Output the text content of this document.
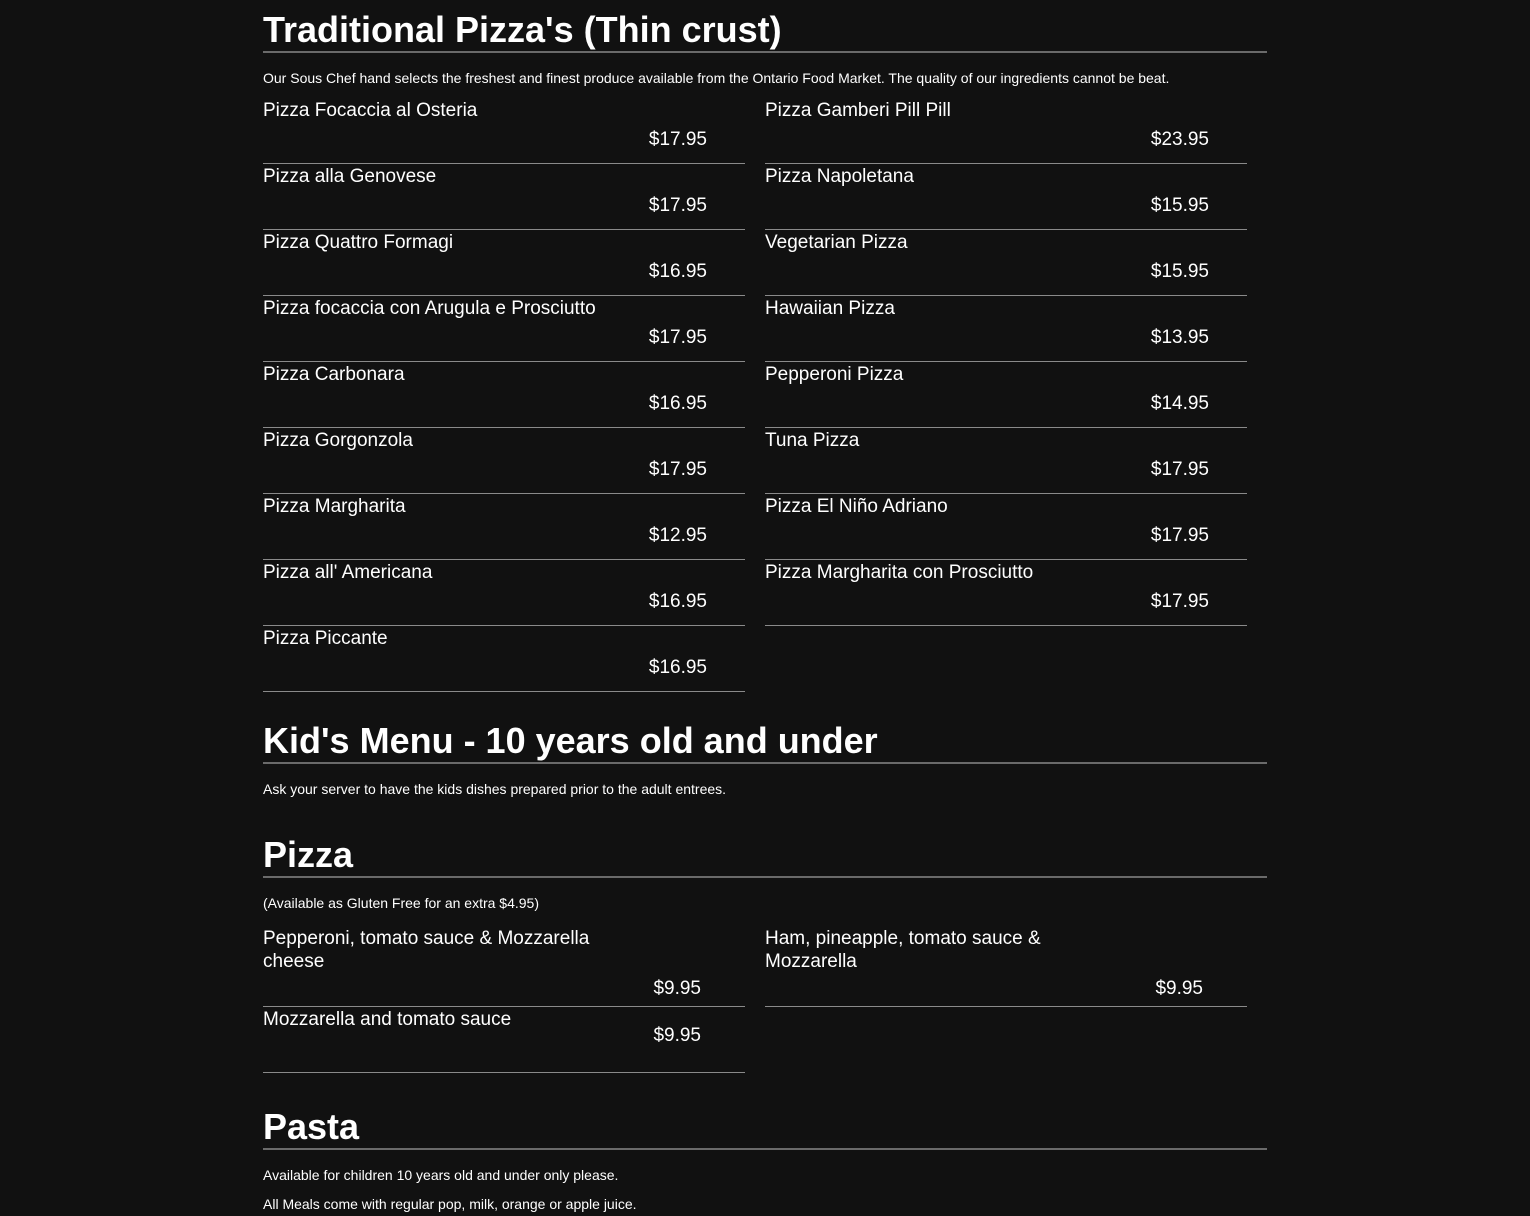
Traditional Pizza's (Thin crust)

Our Sous Chef hand selects the freshest and finest produce available from the Ontario Food Market. The quality of our ingredients cannot be beat.

Pizza Focaccia al Osteria
$17.95
Pizza Gamberi Pill Pill
$23.95
Pizza alla Genovese
$17.95
Pizza Napoletana
$15.95
Pizza Quattro Formagi
$16.95
Vegetarian Pizza
$15.95
Pizza focaccia con Arugula e Prosciutto
$17.95
Hawaiian Pizza
$13.95
Pizza Carbonara
$16.95
Pepperoni Pizza
$14.95
Pizza Gorgonzola
$17.95
Tuna Pizza
$17.95
Pizza Margharita
$12.95
Pizza El Niño Adriano
$17.95
Pizza all' Americana
$16.95
Pizza Margharita con Prosciutto
$17.95
Pizza Piccante
$16.95
Kid's Menu - 10 years old and under

Ask your server to have the kids dishes prepared prior to the adult entrees.

Pizza

(Available as Gluten Free for an extra $4.95)

Pepperoni, tomato sauce & Mozzarella cheese
$9.95
Ham, pineapple, tomato sauce & Mozzarella
$9.95
Mozzarella and tomato sauce
$9.95
Pasta

Available for children 10 years old and under only please.

All Meals come with regular pop, milk, orange or apple juice.
